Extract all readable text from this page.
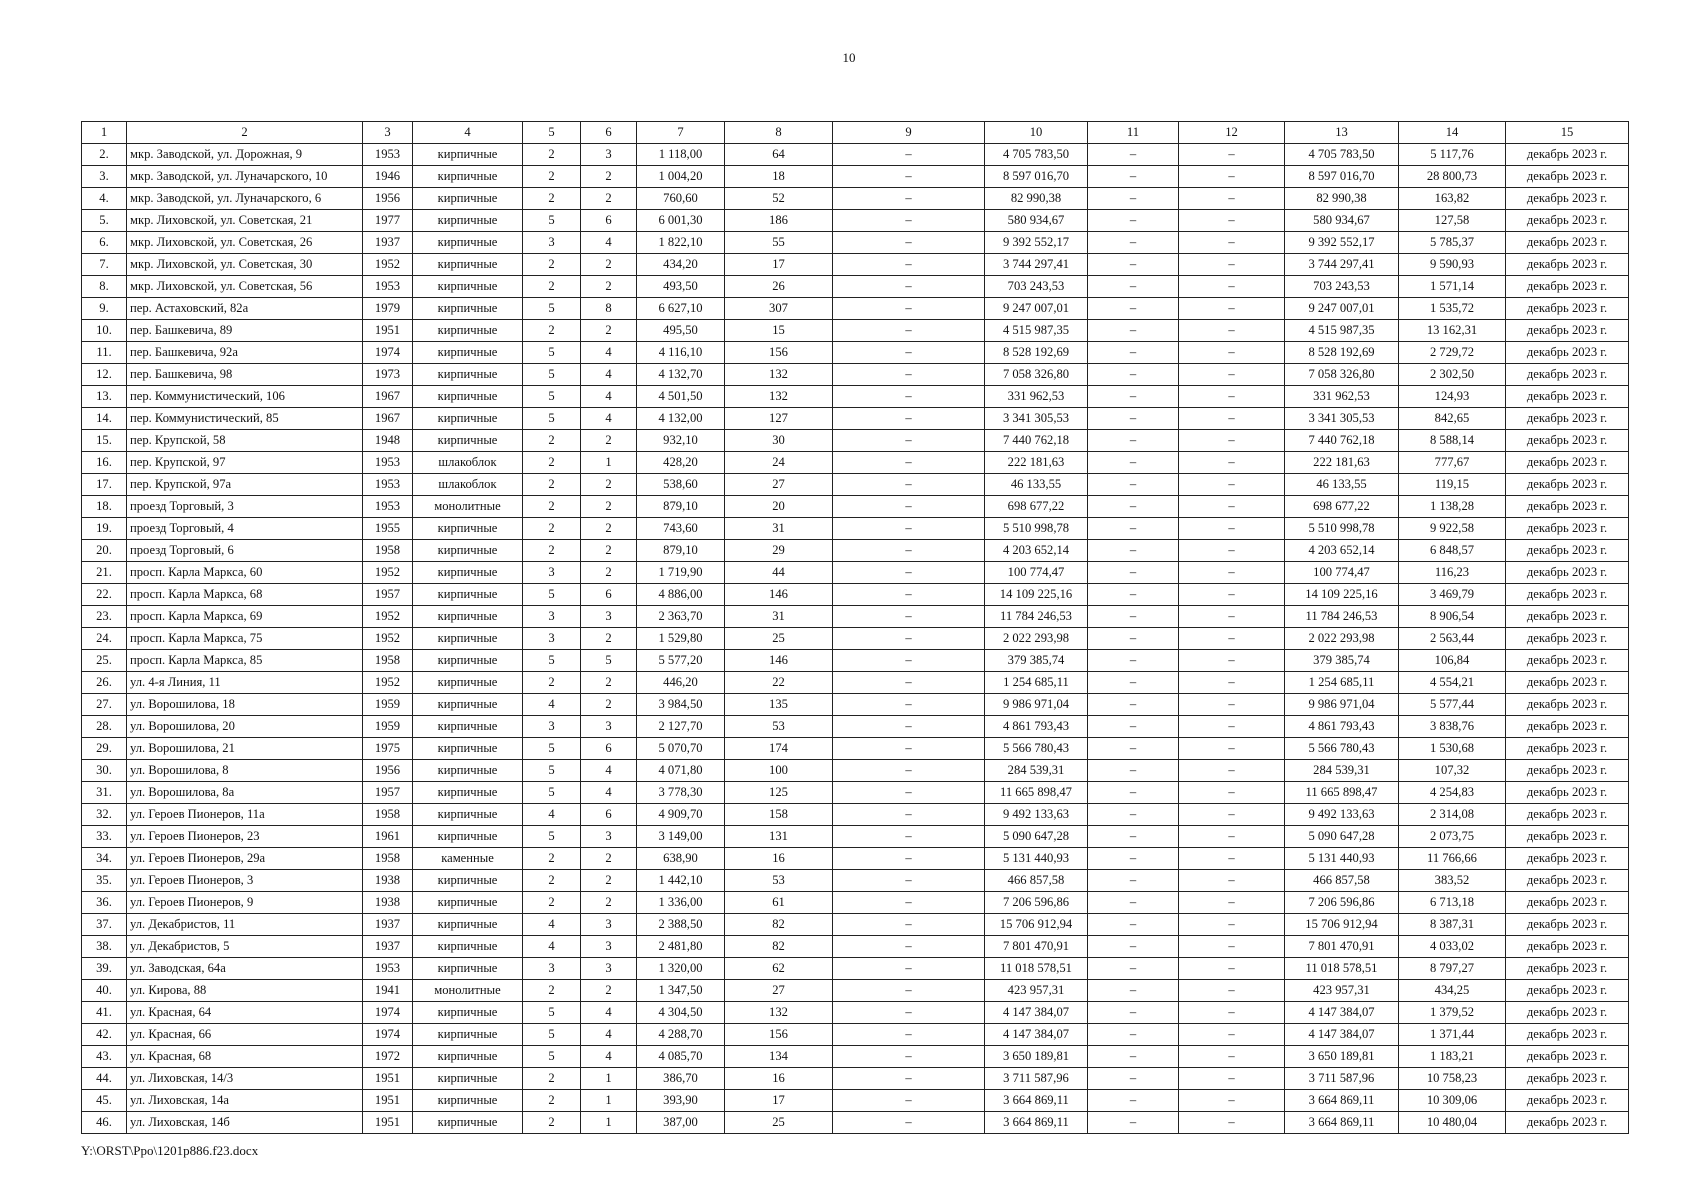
10
1	2	3	4	5	6	7	8	9	10	11	12	13	14	15
2.	мкр. Заводской, ул. Дорожная, 9	1953	кирпичные	2	3	1 118,00	64	–	4 705 783,50	–	–	4 705 783,50	5 117,76	декабрь 2023 г.
3.	мкр. Заводской, ул. Луначарского, 10	1946	кирпичные	2	2	1 004,20	18	–	8 597 016,70	–	–	8 597 016,70	28 800,73	декабрь 2023 г.
4.	мкр. Заводской, ул. Луначарского, 6	1956	кирпичные	2	2	760,60	52	–	82 990,38	–	–	82 990,38	163,82	декабрь 2023 г.
5.	мкр. Лиховской, ул. Советская, 21	1977	кирпичные	5	6	6 001,30	186	–	580 934,67	–	–	580 934,67	127,58	декабрь 2023 г.
6.	мкр. Лиховской, ул. Советская, 26	1937	кирпичные	3	4	1 822,10	55	–	9 392 552,17	–	–	9 392 552,17	5 785,37	декабрь 2023 г.
7.	мкр. Лиховской, ул. Советская, 30	1952	кирпичные	2	2	434,20	17	–	3 744 297,41	–	–	3 744 297,41	9 590,93	декабрь 2023 г.
8.	мкр. Лиховской, ул. Советская, 56	1953	кирпичные	2	2	493,50	26	–	703 243,53	–	–	703 243,53	1 571,14	декабрь 2023 г.
9.	пер. Астаховский, 82а	1979	кирпичные	5	8	6 627,10	307	–	9 247 007,01	–	–	9 247 007,01	1 535,72	декабрь 2023 г.
10.	пер. Башкевича, 89	1951	кирпичные	2	2	495,50	15	–	4 515 987,35	–	–	4 515 987,35	13 162,31	декабрь 2023 г.
11.	пер. Башкевича, 92а	1974	кирпичные	5	4	4 116,10	156	–	8 528 192,69	–	–	8 528 192,69	2 729,72	декабрь 2023 г.
12.	пер. Башкевича, 98	1973	кирпичные	5	4	4 132,70	132	–	7 058 326,80	–	–	7 058 326,80	2 302,50	декабрь 2023 г.
13.	пер. Коммунистический, 106	1967	кирпичные	5	4	4 501,50	132	–	331 962,53	–	–	331 962,53	124,93	декабрь 2023 г.
14.	пер. Коммунистический, 85	1967	кирпичные	5	4	4 132,00	127	–	3 341 305,53	–	–	3 341 305,53	842,65	декабрь 2023 г.
15.	пер. Крупской, 58	1948	кирпичные	2	2	932,10	30	–	7 440 762,18	–	–	7 440 762,18	8 588,14	декабрь 2023 г.
16.	пер. Крупской, 97	1953	шлакоблок	2	1	428,20	24	–	222 181,63	–	–	222 181,63	777,67	декабрь 2023 г.
17.	пер. Крупской, 97а	1953	шлакоблок	2	2	538,60	27	–	46 133,55	–	–	46 133,55	119,15	декабрь 2023 г.
18.	проезд Торговый, 3	1953	монолитные	2	2	879,10	20	–	698 677,22	–	–	698 677,22	1 138,28	декабрь 2023 г.
19.	проезд Торговый, 4	1955	кирпичные	2	2	743,60	31	–	5 510 998,78	–	–	5 510 998,78	9 922,58	декабрь 2023 г.
20.	проезд Торговый, 6	1958	кирпичные	2	2	879,10	29	–	4 203 652,14	–	–	4 203 652,14	6 848,57	декабрь 2023 г.
21.	просп. Карла Маркса, 60	1952	кирпичные	3	2	1 719,90	44	–	100 774,47	–	–	100 774,47	116,23	декабрь 2023 г.
22.	просп. Карла Маркса, 68	1957	кирпичные	5	6	4 886,00	146	–	14 109 225,16	–	–	14 109 225,16	3 469,79	декабрь 2023 г.
23.	просп. Карла Маркса, 69	1952	кирпичные	3	3	2 363,70	31	–	11 784 246,53	–	–	11 784 246,53	8 906,54	декабрь 2023 г.
24.	просп. Карла Маркса, 75	1952	кирпичные	3	2	1 529,80	25	–	2 022 293,98	–	–	2 022 293,98	2 563,44	декабрь 2023 г.
25.	просп. Карла Маркса, 85	1958	кирпичные	5	5	5 577,20	146	–	379 385,74	–	–	379 385,74	106,84	декабрь 2023 г.
26.	ул. 4-я Линия, 11	1952	кирпичные	2	2	446,20	22	–	1 254 685,11	–	–	1 254 685,11	4 554,21	декабрь 2023 г.
27.	ул. Ворошилова, 18	1959	кирпичные	4	2	3 984,50	135	–	9 986 971,04	–	–	9 986 971,04	5 577,44	декабрь 2023 г.
28.	ул. Ворошилова, 20	1959	кирпичные	3	3	2 127,70	53	–	4 861 793,43	–	–	4 861 793,43	3 838,76	декабрь 2023 г.
29.	ул. Ворошилова, 21	1975	кирпичные	5	6	5 070,70	174	–	5 566 780,43	–	–	5 566 780,43	1 530,68	декабрь 2023 г.
30.	ул. Ворошилова, 8	1956	кирпичные	5	4	4 071,80	100	–	284 539,31	–	–	284 539,31	107,32	декабрь 2023 г.
31.	ул. Ворошилова, 8а	1957	кирпичные	5	4	3 778,30	125	–	11 665 898,47	–	–	11 665 898,47	4 254,83	декабрь 2023 г.
32.	ул. Героев Пионеров, 11а	1958	кирпичные	4	6	4 909,70	158	–	9 492 133,63	–	–	9 492 133,63	2 314,08	декабрь 2023 г.
33.	ул. Героев Пионеров, 23	1961	кирпичные	5	3	3 149,00	131	–	5 090 647,28	–	–	5 090 647,28	2 073,75	декабрь 2023 г.
34.	ул. Героев Пионеров, 29а	1958	каменные	2	2	638,90	16	–	5 131 440,93	–	–	5 131 440,93	11 766,66	декабрь 2023 г.
35.	ул. Героев Пионеров, 3	1938	кирпичные	2	2	1 442,10	53	–	466 857,58	–	–	466 857,58	383,52	декабрь 2023 г.
36.	ул. Героев Пионеров, 9	1938	кирпичные	2	2	1 336,00	61	–	7 206 596,86	–	–	7 206 596,86	6 713,18	декабрь 2023 г.
37.	ул. Декабристов, 11	1937	кирпичные	4	3	2 388,50	82	–	15 706 912,94	–	–	15 706 912,94	8 387,31	декабрь 2023 г.
38.	ул. Декабристов, 5	1937	кирпичные	4	3	2 481,80	82	–	7 801 470,91	–	–	7 801 470,91	4 033,02	декабрь 2023 г.
39.	ул. Заводская, 64а	1953	кирпичные	3	3	1 320,00	62	–	11 018 578,51	–	–	11 018 578,51	8 797,27	декабрь 2023 г.
40.	ул. Кирова, 88	1941	монолитные	2	2	1 347,50	27	–	423 957,31	–	–	423 957,31	434,25	декабрь 2023 г.
41.	ул. Красная, 64	1974	кирпичные	5	4	4 304,50	132	–	4 147 384,07	–	–	4 147 384,07	1 379,52	декабрь 2023 г.
42.	ул. Красная, 66	1974	кирпичные	5	4	4 288,70	156	–	4 147 384,07	–	–	4 147 384,07	1 371,44	декабрь 2023 г.
43.	ул. Красная, 68	1972	кирпичные	5	4	4 085,70	134	–	3 650 189,81	–	–	3 650 189,81	1 183,21	декабрь 2023 г.
44.	ул. Лиховская, 14/3	1951	кирпичные	2	1	386,70	16	–	3 711 587,96	–	–	3 711 587,96	10 758,23	декабрь 2023 г.
45.	ул. Лиховская, 14а	1951	кирпичные	2	1	393,90	17	–	3 664 869,11	–	–	3 664 869,11	10 309,06	декабрь 2023 г.
46.	ул. Лиховская, 14б	1951	кирпичные	2	1	387,00	25	–	3 664 869,11	–	–	3 664 869,11	10 480,04	декабрь 2023 г.
Y:\ORST\Ppo\1201p886.f23.docx
